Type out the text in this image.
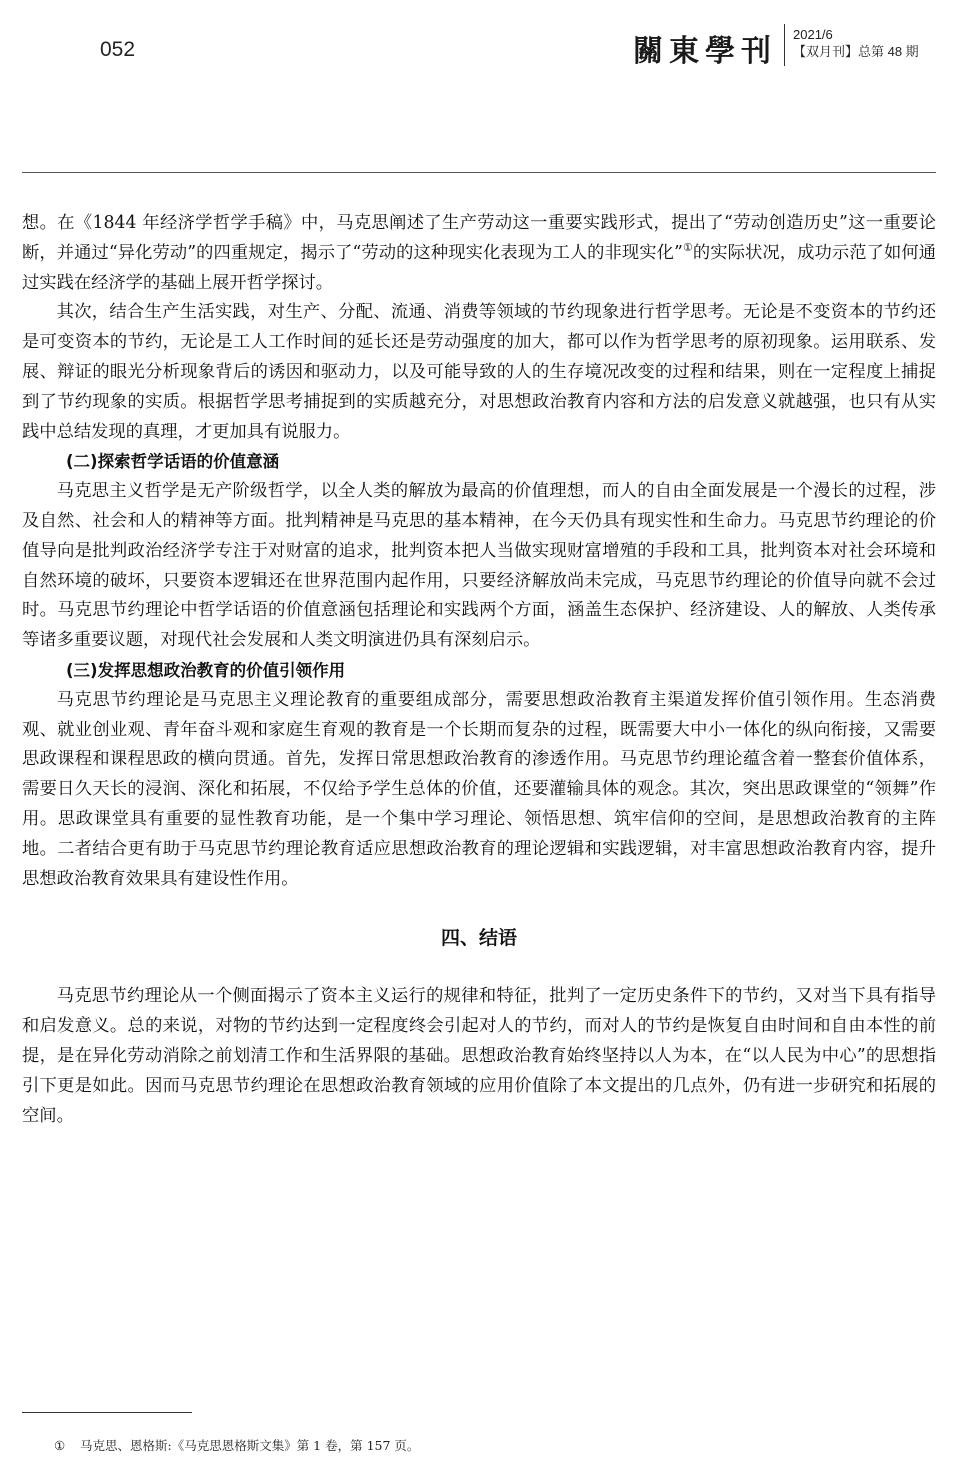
052	關東學刊 2021/6
【双月刊】总第 48 期

想。在《1844 年经济学哲学手稿》中，马克思阐述了生产劳动这一重要实践形式，提出了“劳动创造历史”这一重要论断，并通过“异化劳动”的四重规定，揭示了“劳动的这种现实化表现为工人的非现实化”①的实际状况，成功示范了如何通过实践在经济学的基础上展开哲学探讨。

其次，结合生产生活实践，对生产、分配、流通、消费等领域的节约现象进行哲学思考。无论是不变资本的节约还是可变资本的节约，无论是工人工作时间的延长还是劳动强度的加大，都可以作为哲学思考的原初现象。运用联系、发展、辩证的眼光分析现象背后的诱因和驱动力，以及可能导致的人的生存境况改变的过程和结果，则在一定程度上捕捉到了节约现象的实质。根据哲学思考捕捉到的实质越充分，对思想政治教育内容和方法的启发意义就越强，也只有从实践中总结发现的真理，才更加具有说服力。

(二)探索哲学话语的价值意涵

马克思主义哲学是无产阶级哲学，以全人类的解放为最高的价值理想，而人的自由全面发展是一个漫长的过程，涉及自然、社会和人的精神等方面。批判精神是马克思的基本精神，在今天仍具有现实性和生命力。马克思节约理论的价值导向是批判政治经济学专注于对财富的追求，批判资本把人当做实现财富增殖的手段和工具，批判资本对社会环境和自然环境的破坏，只要资本逻辑还在世界范围内起作用，只要经济解放尚未完成，马克思节约理论的价值导向就不会过时。马克思节约理论中哲学话语的价值意涵包括理论和实践两个方面，涵盖生态保护、经济建设、人的解放、人类传承等诸多重要议题，对现代社会发展和人类文明演进仍具有深刻启示。

(三)发挥思想政治教育的价值引领作用

马克思节约理论是马克思主义理论教育的重要组成部分，需要思想政治教育主渠道发挥价值引领作用。生态消费观、就业创业观、青年奋斗观和家庭生育观的教育是一个长期而复杂的过程，既需要大中小一体化的纵向衔接，又需要思政课程和课程思政的横向贯通。首先，发挥日常思想政治教育的渗透作用。马克思节约理论蕴含着一整套价值体系，需要日久天长的浸润、深化和拓展，不仅给予学生总体的价值，还要灌输具体的观念。其次，突出思政课堂的“领舞”作用。思政课堂具有重要的显性教育功能，是一个集中学习理论、领悟思想、筑牢信仰的空间，是思想政治教育的主阵地。二者结合更有助于马克思节约理论教育适应思想政治教育的理论逻辑和实践逻辑，对丰富思想政治教育内容，提升思想政治教育效果具有建设性作用。

四、结语

马克思节约理论从一个侧面揭示了资本主义运行的规律和特征，批判了一定历史条件下的节约，又对当下具有指导和启发意义。总的来说，对物的节约达到一定程度终会引起对人的节约，而对人的节约是恢复自由时间和自由本性的前提，是在异化劳动消除之前划清工作和生活界限的基础。思想政治教育始终坚持以人为本，在“以人民为中心”的思想指引下更是如此。因而马克思节约理论在思想政治教育领域的应用价值除了本文提出的几点外，仍有进一步研究和拓展的空间。

① 马克思、恩格斯:《马克思恩格斯文集》第 1 卷，第 157 页。
